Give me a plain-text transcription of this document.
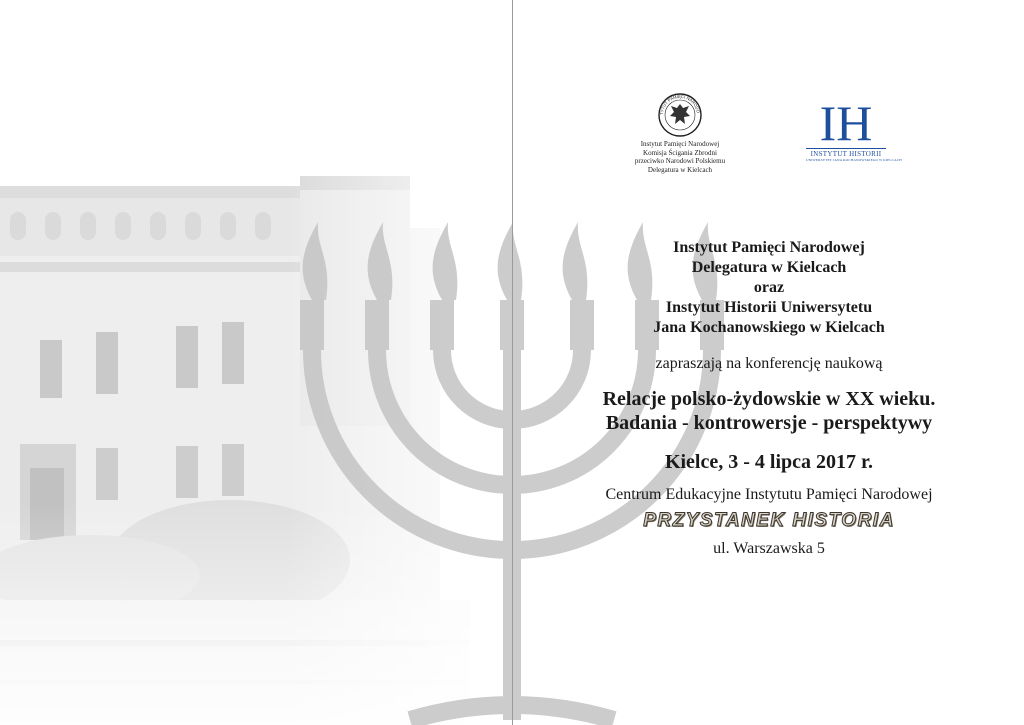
TYTUT PAMIĘCI NARODO
Instytut Pamięci Narodowej
Komisja Ścigania Zbrodni
przeciwko Narodowi Polskiemu
Delegatura w Kielcach
IH
INSTYTUT HISTORII
UNIWERSYTET JANA KOCHANOWSKIEGO W KIELCACH
Instytut Pamięci Narodowej
Delegatura w Kielcach
oraz
Instytut Historii Uniwersytetu
Jana Kochanowskiego w Kielcach
zapraszają na konferencję naukową
Relacje polsko-żydowskie w XX wieku.
Badania - kontrowersje - perspektywy
Kielce, 3 - 4 lipca 2017 r.
Centrum Edukacyjne Instytutu Pamięci Narodowej
PRZYSTANEK HISTORIA
ul. Warszawska 5
